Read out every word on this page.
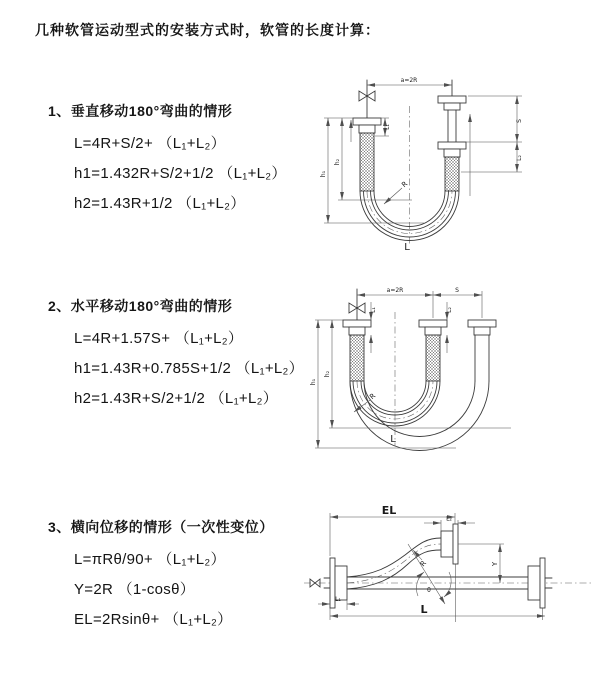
几种软管运动型式的安装方式时，软管的长度计算：
1、垂直移动180°弯曲的情形
L=4R+S/2+ （L₁+L₂）
h1=1.432R+S/2+1/2 （L₁+L₂）
h2=1.43R+1/2 （L₁+L₂）
2、水平移动180°弯曲的情形
L=4R+1.57S+ （L₁+L₂）
h1=1.43R+0.785S+1/2 （L₁+L₂）
h2=1.43R+S/2+1/2 （L₁+L₂）
3、横向位移的情形（一次性变位）
L=πRθ/90+ （L₁+L₂）
Y=2R （1-cosθ）
EL=2Rsinθ+ （L₁+L₂）
a=2R
L₁
h₁
h₂
S
L₂
R
L
a=2R	S
L₁	L₂
h₁
h₂
R
L
θ
EL
L₂
Y
R
L₁
L
